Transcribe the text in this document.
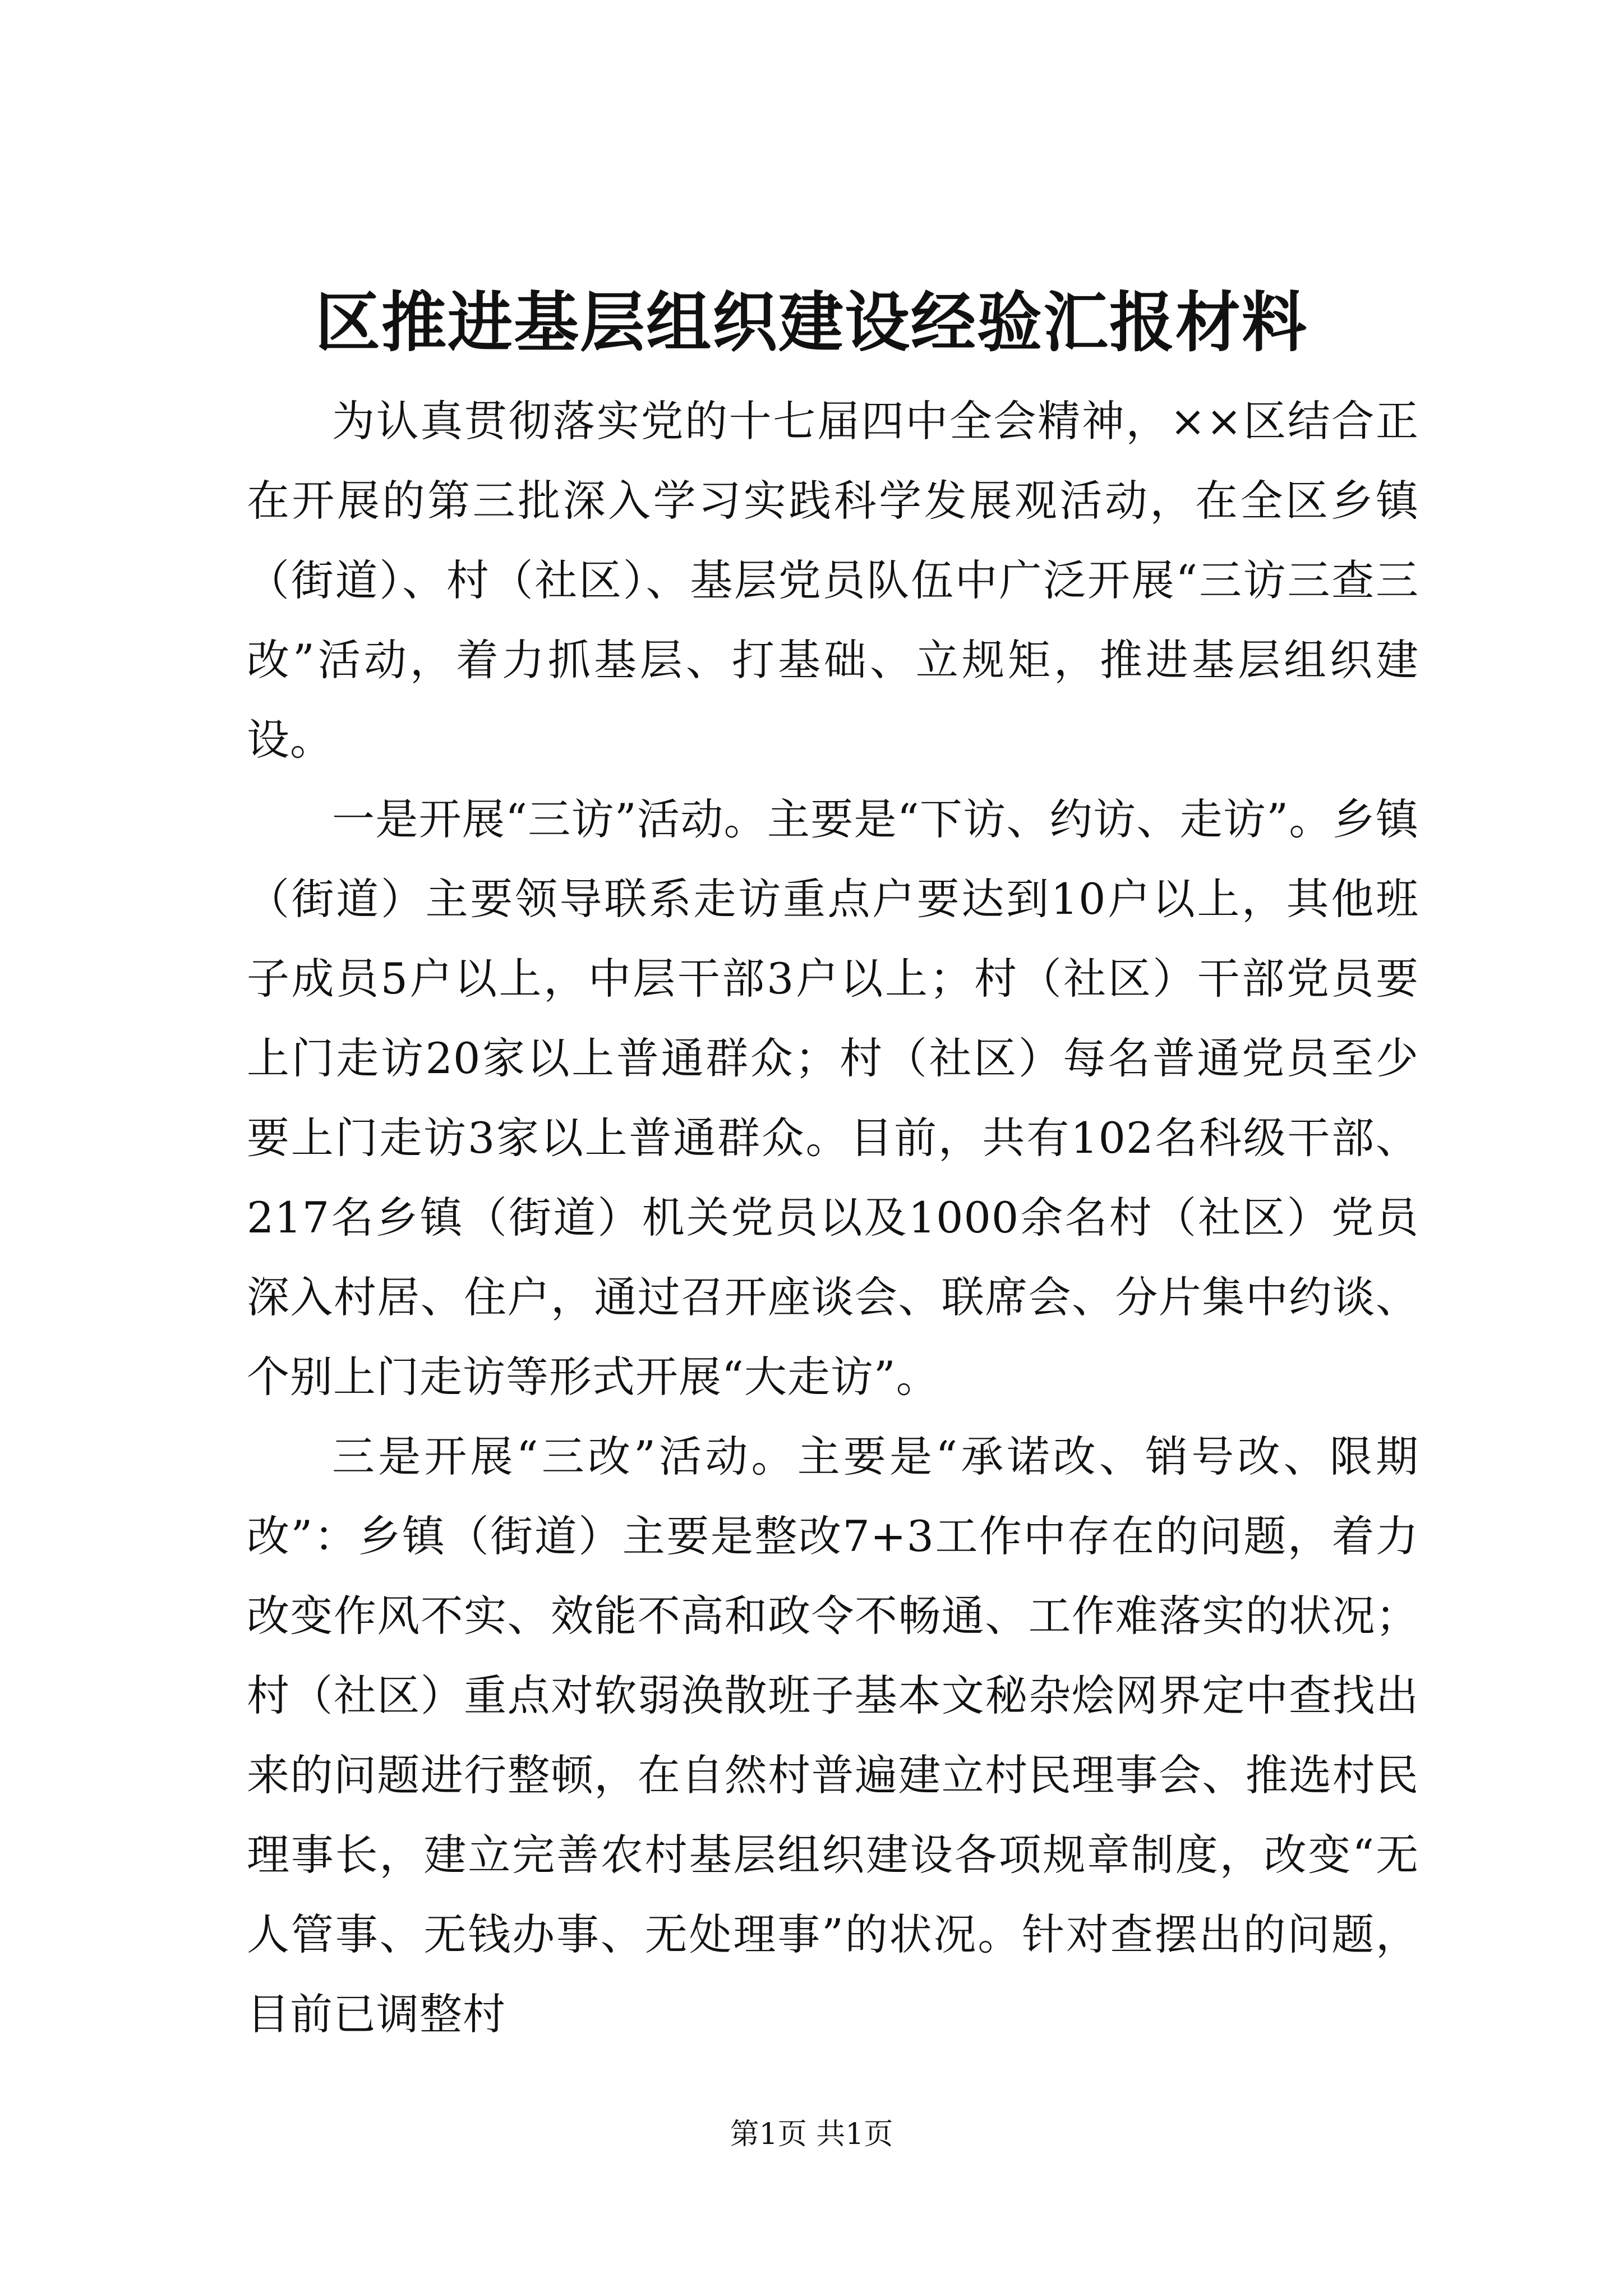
区推进基层组织建设经验汇报材料

为认真贯彻落实党的十七届四中全会精神，××区结合正在开展的第三批深入学习实践科学发展观活动，在全区乡镇（街道）、村（社区）、基层党员队伍中广泛开展“三访三查三改”活动，着力抓基层、打基础、立规矩，推进基层组织建设。

一是开展“三访”活动。主要是“下访、约访、走访”。乡镇（街道）主要领导联系走访重点户要达到10户以上，其他班子成员5户以上，中层干部3户以上；村（社区）干部党员要上门走访20家以上普通群众；村（社区）每名普通党员至少要上门走访3家以上普通群众。目前，共有102名科级干部、217名乡镇（街道）机关党员以及1000余名村（社区）党员深入村居、住户，通过召开座谈会、联席会、分片集中约谈、个别上门走访等形式开展“大走访”。

三是开展“三改”活动。主要是“承诺改、销号改、限期改”：乡镇（街道）主要是整改7+3工作中存在的问题，着力改变作风不实、效能不高和政令不畅通、工作难落实的状况；村（社区）重点对软弱涣散班子基本文秘杂烩网界定中查找出来的问题进行整顿，在自然村普遍建立村民理事会、推选村民理事长，建立完善农村基层组织建设各项规章制度，改变“无人管事、无钱办事、无处理事”的状况。针对查摆出的问题，目前已调整村

第1页 共1页
